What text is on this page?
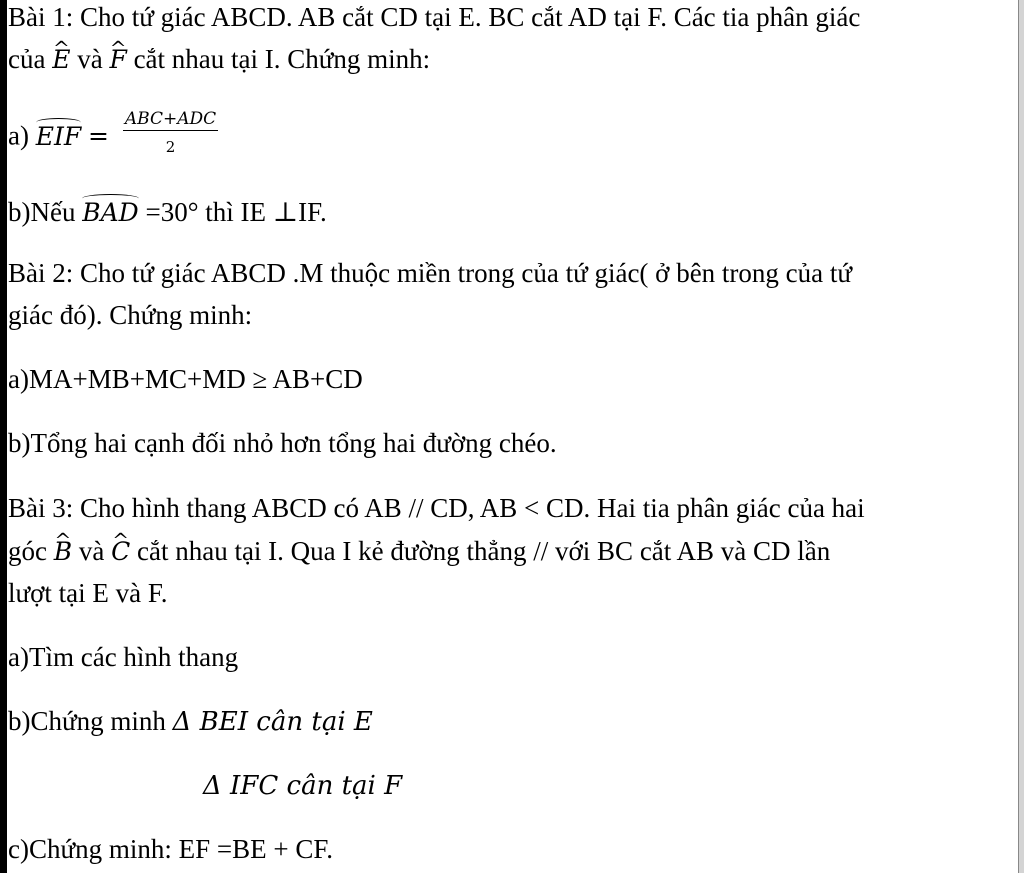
Bài 1: Cho tứ giác ABCD. AB cắt CD tại E. BC cắt AD tại F. Các tia phân giác
của ^ E và ^ F cắt nhau tại I. Chứng minh:
a) EIF = $\frac{\text{ABC+ADC}}{2}$
b)Nếu BAD =30° thì IE ⊥IF.
Bài 2: Cho tứ giác ABCD .M thuộc miền trong của tứ giác( ở bên trong của tứ
giác đó). Chứng minh:
a)MA+MB+MC+MD ≥ AB+CD
b)Tổng hai cạnh đối nhỏ hơn tổng hai đường chéo.
Bài 3: Cho hình thang ABCD có AB // CD, AB < CD. Hai tia phân giác của hai
góc ^ B và ^ C cắt nhau tại I. Qua I kẻ đường thẳng // với BC cắt AB và CD lần
lượt tại E và F.
a)Tìm các hình thang
b)Chứng minh Δ BEI cân tại E
Δ IFC cân tại F
c)Chứng minh: EF =BE + CF.
